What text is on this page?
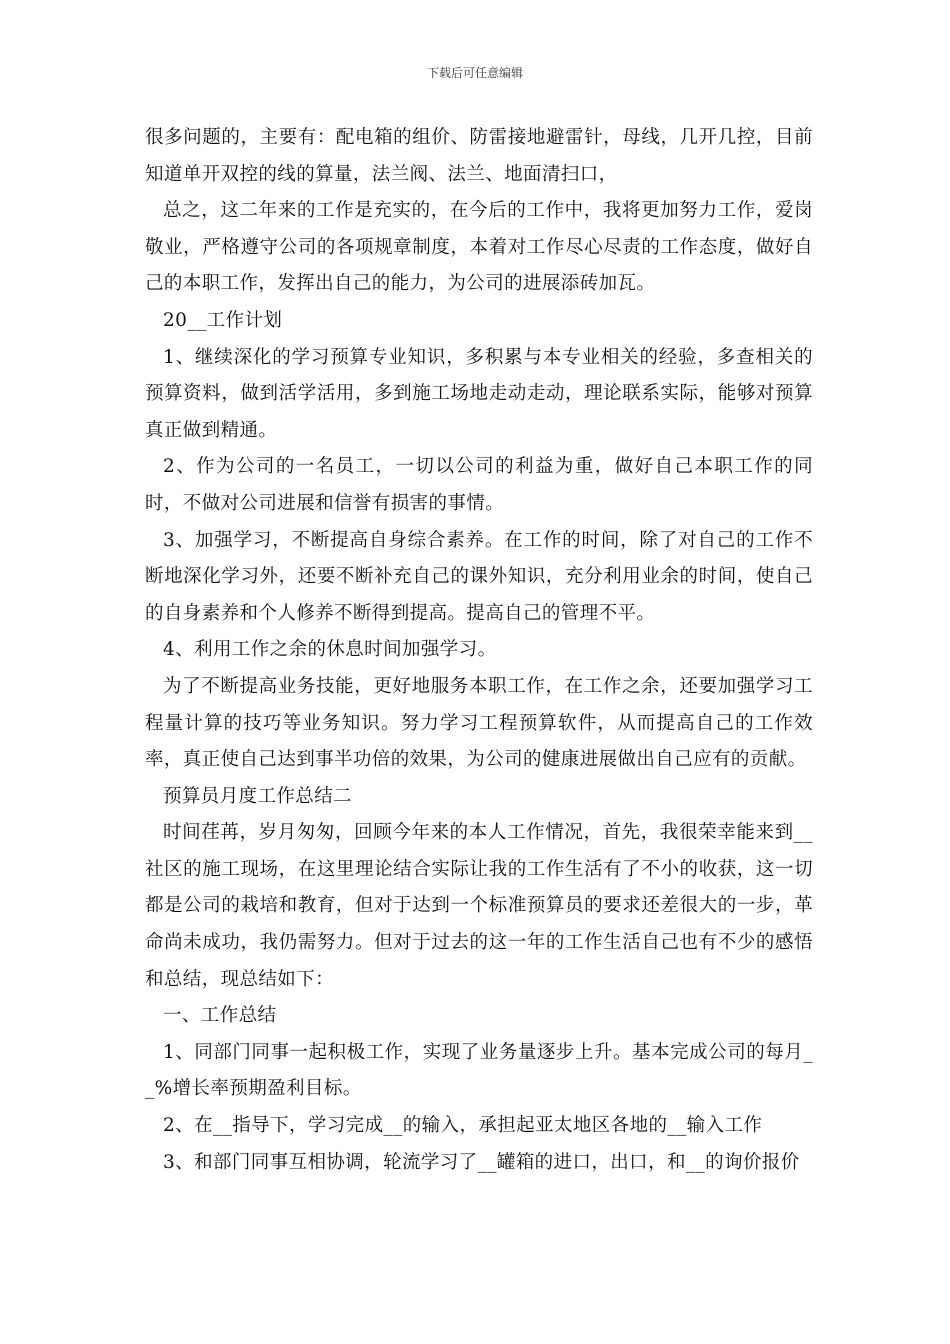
下载后可任意编辑

很多问题的，主要有：配电箱的组价、防雷接地避雷针，母线，几开几控，目前知道单开双控的线的算量，法兰阀、法兰、地面清扫口，

总之，这二年来的工作是充实的，在今后的工作中，我将更加努力工作，爱岗敬业，严格遵守公司的各项规章制度，本着对工作尽心尽责的工作态度，做好自己的本职工作，发挥出自己的能力，为公司的进展添砖加瓦。

20__工作计划

1、继续深化的学习预算专业知识，多积累与本专业相关的经验，多查相关的预算资料，做到活学活用，多到施工场地走动走动，理论联系实际，能够对预算真正做到精通。

2、作为公司的一名员工，一切以公司的利益为重，做好自己本职工作的同时，不做对公司进展和信誉有损害的事情。

3、加强学习，不断提高自身综合素养。在工作的时间，除了对自己的工作不断地深化学习外，还要不断补充自己的课外知识，充分利用业余的时间，使自己的自身素养和个人修养不断得到提高。提高自己的管理不平。

4、利用工作之余的休息时间加强学习。

为了不断提高业务技能，更好地服务本职工作，在工作之余，还要加强学习工程量计算的技巧等业务知识。努力学习工程预算软件，从而提高自己的工作效率，真正使自己达到事半功倍的效果，为公司的健康进展做出自己应有的贡献。

预算员月度工作总结二

时间荏苒，岁月匆匆，回顾今年来的本人工作情况，首先，我很荣幸能来到__社区的施工现场，在这里理论结合实际让我的工作生活有了不小的收获，这一切都是公司的栽培和教育，但对于达到一个标准预算员的要求还差很大的一步，革命尚未成功，我仍需努力。但对于过去的这一年的工作生活自己也有不少的感悟和总结，现总结如下：

一、工作总结

1、同部门同事一起积极工作，实现了业务量逐步上升。基本完成公司的每月__%增长率预期盈利目标。

2、在__指导下，学习完成__的输入，承担起亚太地区各地的__输入工作

3、和部门同事互相协调，轮流学习了__罐箱的进口，出口，和__的询价报价
